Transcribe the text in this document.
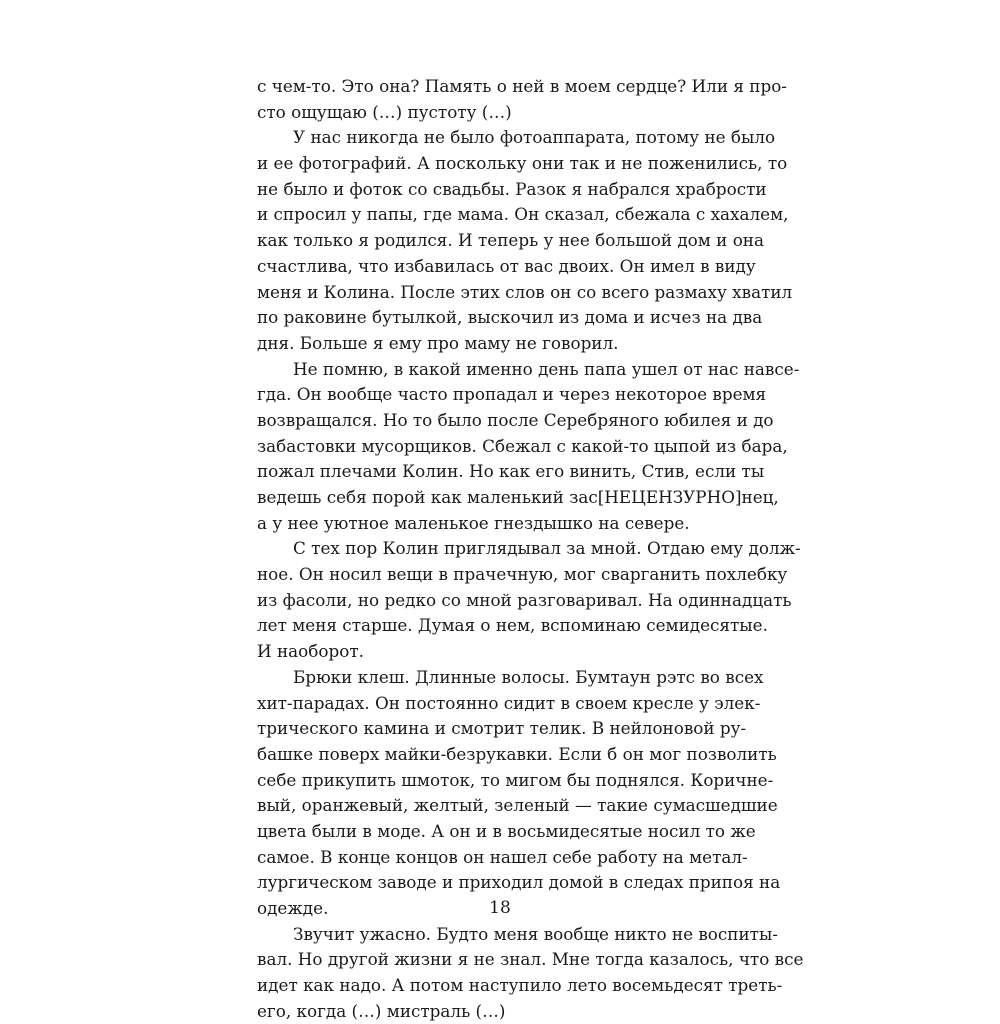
с чем-то. Это она? Память о ней в моем сердце? Или я про-
сто ощущаю (…) пустоту (…)
У нас никогда не было фотоаппарата, потому не было
и ее фотографий. А поскольку они так и не поженились, то
не было и фоток со свадьбы. Разок я набрался храбрости
и спросил у папы, где мама. Он сказал, сбежала с хахалем,
как только я родился. И теперь у нее большой дом и она
счастлива, что избавилась от вас двоих. Он имел в виду
меня и Колина. После этих слов он со всего размаху хватил
по раковине бутылкой, выскочил из дома и исчез на два
дня. Больше я ему про маму не говорил.
Не помню, в какой именно день папа ушел от нас навсе-
гда. Он вообще часто пропадал и через некоторое время
возвращался. Но то было после Серебряного юбилея и до
забастовки мусорщиков. Сбежал с какой-то цыпой из бара,
пожал плечами Колин. Но как его винить, Стив, если ты
ведешь себя порой как маленький зас[НЕЦЕНЗУРНО]нец,
а у нее уютное маленькое гнездышко на севере.
С тех пор Колин приглядывал за мной. Отдаю ему долж-
ное. Он носил вещи в прачечную, мог сварганить похлебку
из фасоли, но редко со мной разговаривал. На одиннадцать
лет меня старше. Думая о нем, вспоминаю семидесятые.
И наоборот.
Брюки клеш. Длинные волосы. Бумтаун рэтс во всех
хит-парадах. Он постоянно сидит в своем кресле у элек-
трического камина и смотрит телик. В нейлоновой ру-
башке поверх майки-безрукавки. Если б он мог позволить
себе прикупить шмоток, то мигом бы поднялся. Коричне-
вый, оранжевый, желтый, зеленый — такие сумасшедшие
цвета были в моде. А он и в восьмидесятые носил то же
самое. В конце концов он нашел себе работу на метал-
лургическом заводе и приходил домой в следах припоя на
одежде.
Звучит ужасно. Будто меня вообще никто не воспиты-
вал. Но другой жизни я не знал. Мне тогда казалось, что все
идет как надо. А потом наступило лето восемьдесят треть-
его, когда (…) мистраль (…)
18
